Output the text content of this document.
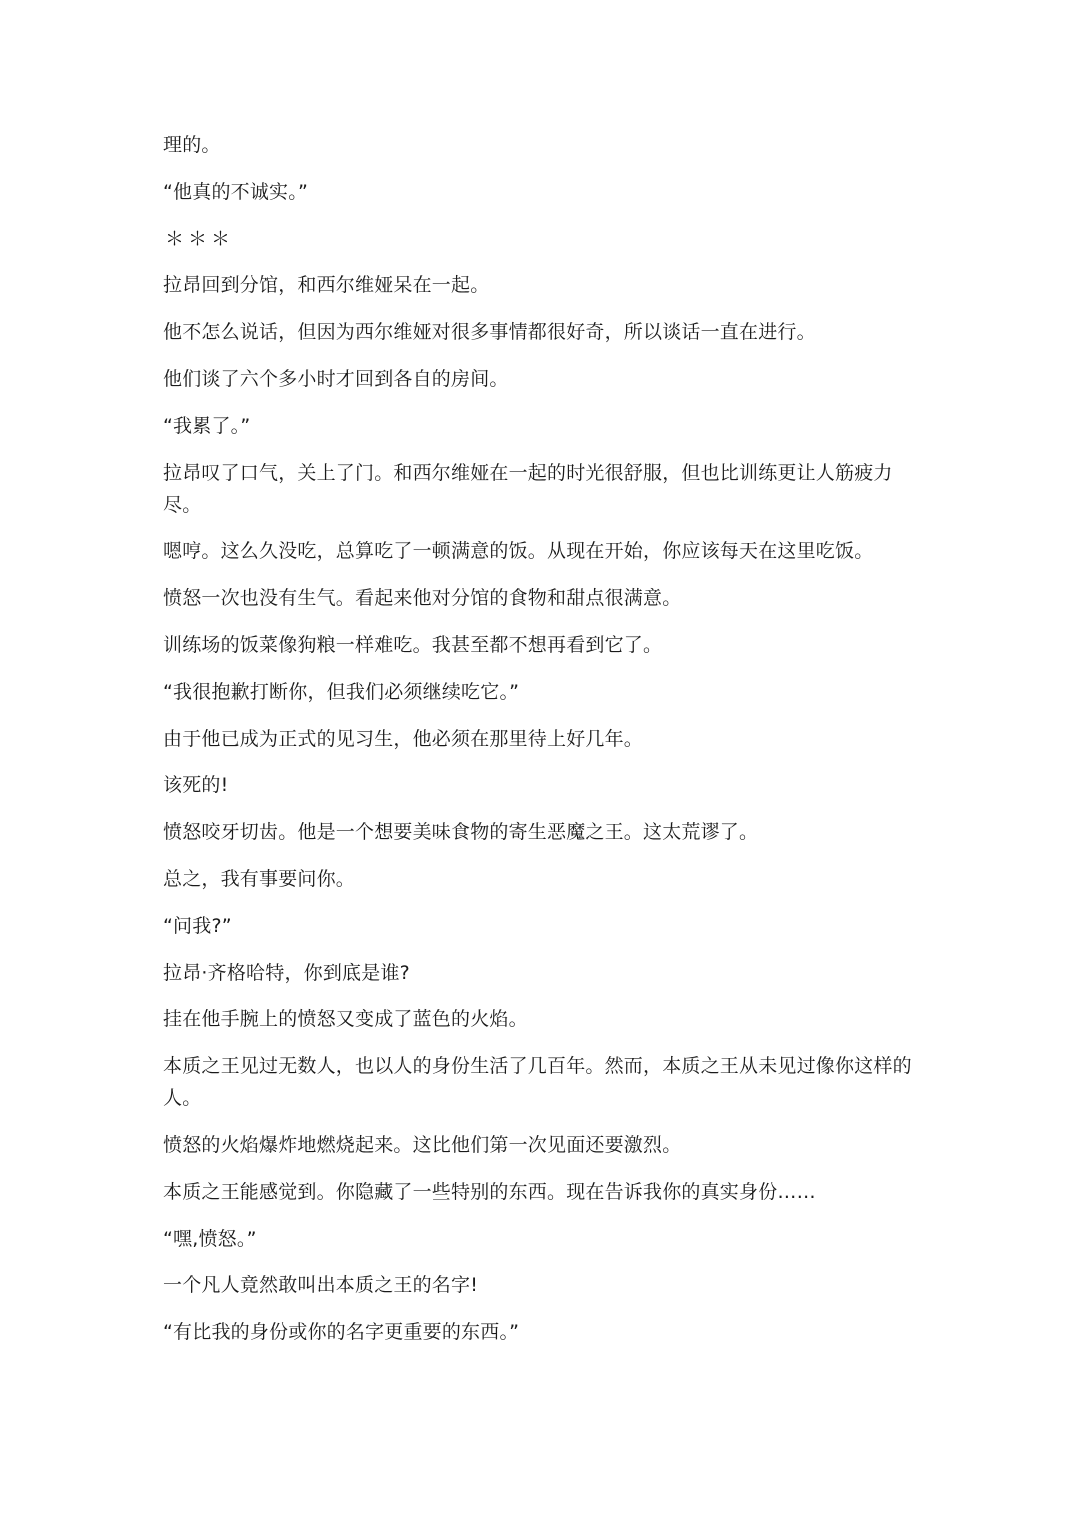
理的。

“他真的不诚实。”

＊＊＊

拉昂回到分馆，和西尔维娅呆在一起。

他不怎么说话，但因为西尔维娅对很多事情都很好奇，所以谈话一直在进行。

他们谈了六个多小时才回到各自的房间。

“我累了。”

拉昂叹了口气，关上了门。和西尔维娅在一起的时光很舒服，但也比训练更让人筋疲力尽。

嗯哼。这么久没吃，总算吃了一顿满意的饭。从现在开始，你应该每天在这里吃饭。

愤怒一次也没有生气。看起来他对分馆的食物和甜点很满意。

训练场的饭菜像狗粮一样难吃。我甚至都不想再看到它了。

“我很抱歉打断你，但我们必须继续吃它。”

由于他已成为正式的见习生，他必须在那里待上好几年。

该死的!

愤怒咬牙切齿。他是一个想要美味食物的寄生恶魔之王。这太荒谬了。

总之，我有事要问你。

“问我?”

拉昂·齐格哈特，你到底是谁?

挂在他手腕上的愤怒又变成了蓝色的火焰。

本质之王见过无数人，也以人的身份生活了几百年。然而，本质之王从未见过像你这样的人。

愤怒的火焰爆炸地燃烧起来。这比他们第一次见面还要激烈。

本质之王能感觉到。你隐藏了一些特别的东西。现在告诉我你的真实身份……

“嘿,愤怒。”

一个凡人竟然敢叫出本质之王的名字!

“有比我的身份或你的名字更重要的东西。”
